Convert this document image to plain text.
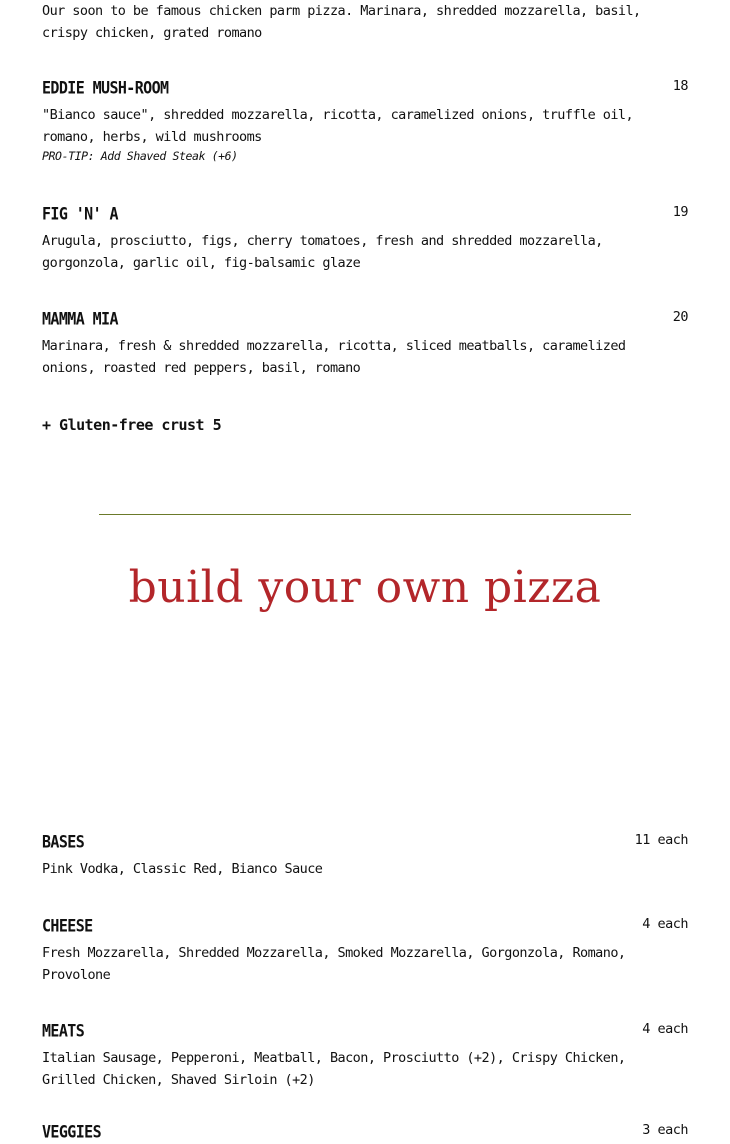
Our soon to be famous chicken parm pizza. Marinara, shredded mozzarella, basil, crispy chicken, grated romano
EDDIE MUSH-ROOM	18
"Bianco sauce", shredded mozzarella, ricotta, caramelized onions, truffle oil, romano, herbs, wild mushrooms
PRO-TIP: Add Shaved Steak (+6)
FIG 'N' A	19
Arugula, prosciutto, figs, cherry tomatoes, fresh and shredded mozzarella, gorgonzola, garlic oil, fig-balsamic glaze
MAMMA MIA	20
Marinara, fresh & shredded mozzarella, ricotta, sliced meatballs, caramelized onions, roasted red peppers, basil, romano
+ Gluten-free crust 5
BASES	11 each
Pink Vodka, Classic Red, Bianco Sauce
CHEESE	4 each
Fresh Mozzarella, Shredded Mozzarella, Smoked Mozzarella, Gorgonzola, Romano, Provolone
MEATS	4 each
Italian Sausage, Pepperoni, Meatball, Bacon, Prosciutto (+2), Crispy Chicken, Grilled Chicken, Shaved Sirloin (+2)
VEGGIES	3 each
build your own pizza
